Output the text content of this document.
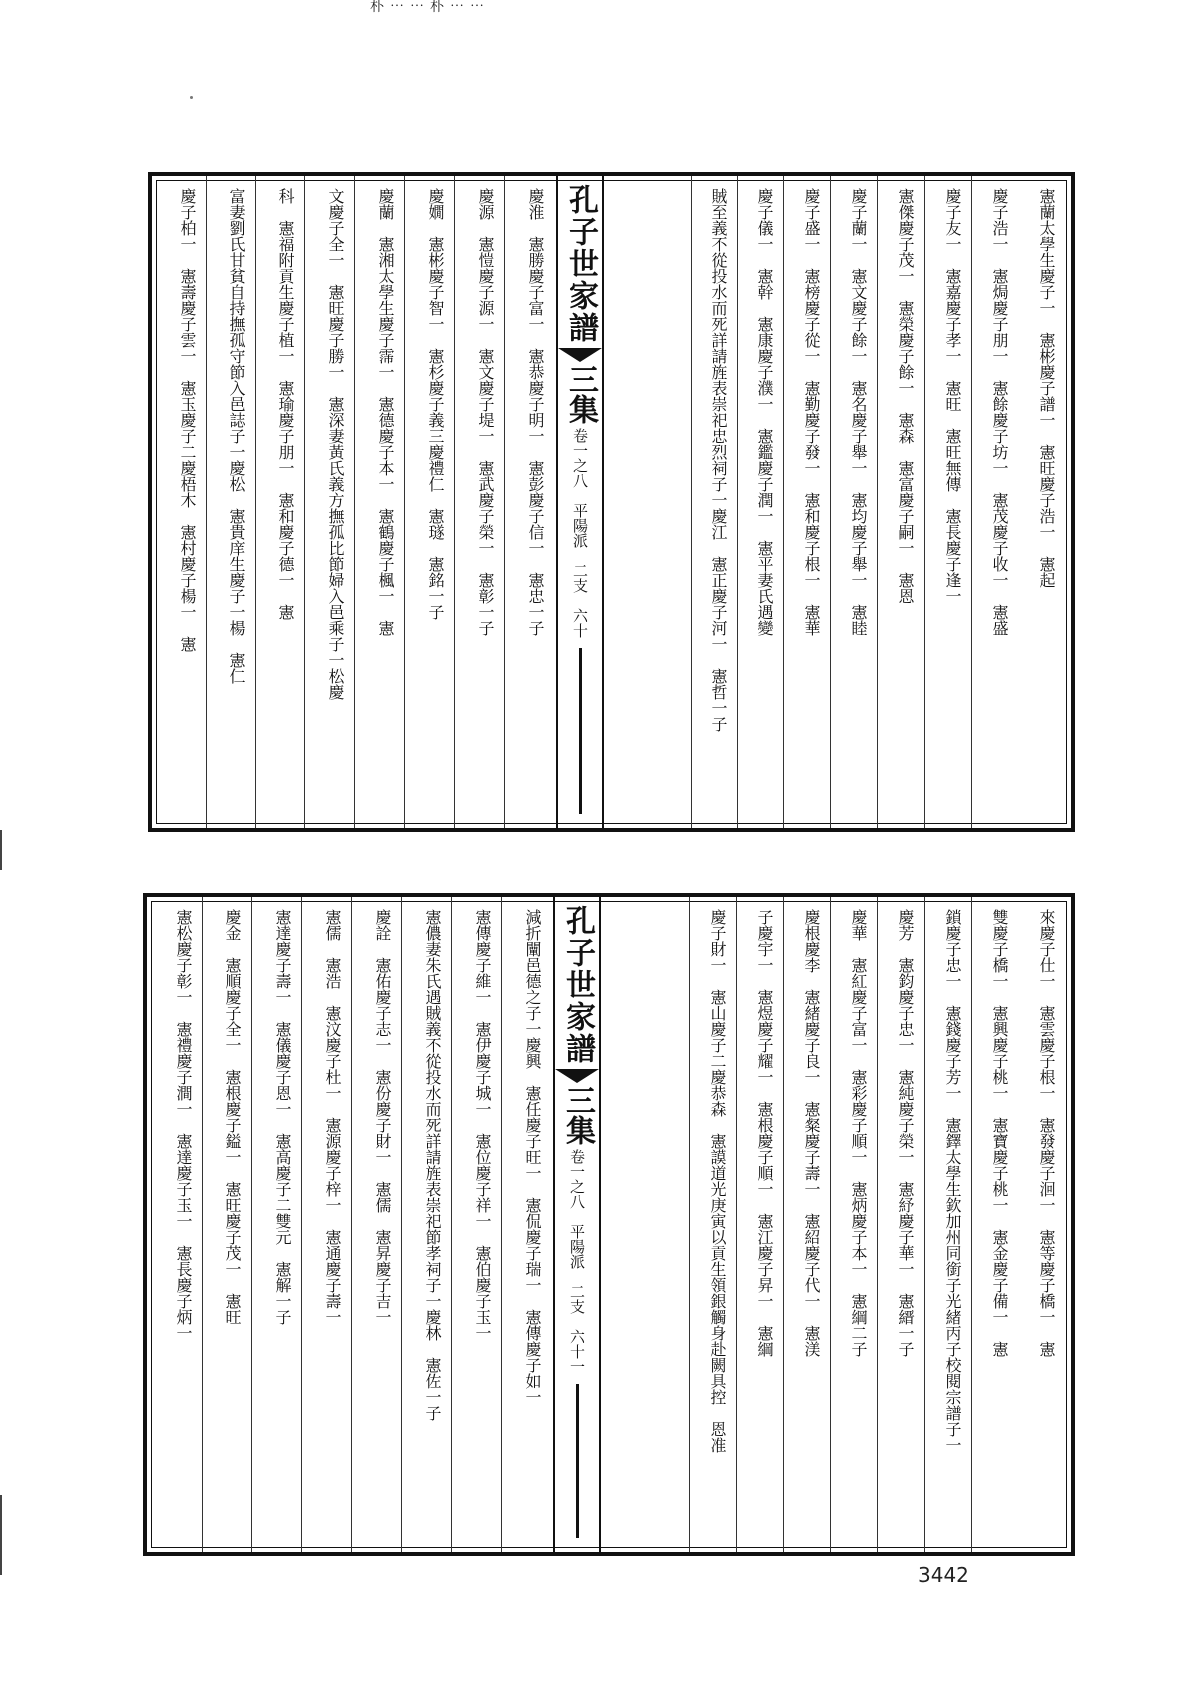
朴⋯⋯朴⋯⋯
憲蘭太學生慶子一　憲彬慶子譜一　憲旺慶子浩一　憲起
慶子浩一　憲焗慶子朋一　憲餘慶子坊一　憲茂慶子收一　憲盛
慶子友一　憲嘉慶子孝一　憲旺　憲旺無傳　憲長慶子逢一
憲傑慶子茂一　憲榮慶子餘一　憲森　憲富慶子嗣一　憲恩
慶子蘭一　憲文慶子餘一　憲名慶子舉一　憲均慶子舉一　憲睦
慶子盛一　憲榜慶子從一　憲勤慶子發一　憲和慶子根一　憲華
慶子儀一　憲幹　憲康慶子濮一　憲鑑慶子潤一　憲平妻氏遇變
賊至義不從投水而死詳請旌表崇祀忠烈祠子一慶江　憲正慶子河一　憲哲一子
孔子世家譜
三集
卷一之八　平陽派　二支　六十
慶淮　憲勝慶子富一　憲恭慶子明一　憲彭慶子信一　憲忠一子
慶源　憲愷慶子源一　憲文慶子堤一　憲武慶子榮一　憲彰一子
慶嫺　憲彬慶子智一　憲杉慶子義三慶禮仁　憲璲　憲銘一子
慶蘭　憲湘太學生慶子霈一　憲德慶子本一　憲鶴慶子楓一　憲
文慶子全一　憲旺慶子勝一　憲深妻黃氏義方撫孤比節婦入邑乘子一松慶
科　憲福附貢生慶子植一　憲瑜慶子朋一　憲和慶子德一　憲
富妻劉氏甘貧自持撫孤守節入邑誌子一慶松　憲貴庠生慶子一楊　憲仁
慶子柏一　憲壽慶子雲一　憲玉慶子二慶梧木　憲村慶子楊一　憲
來慶子仕一　憲雲慶子根一　憲發慶子洄一　憲等慶子橋一　憲
雙慶子橋一　憲興慶子桃一　憲寶慶子桃一　憲金慶子備一　憲
鎖慶子忠一　憲錢慶子芳一　憲鐸太學生欽加州同銜子光緒丙子校閱宗譜子一　
慶芳　憲鈞慶子忠一　憲純慶子榮一　憲紓慶子華一　憲縉一子
慶華　憲紅慶子富一　憲彩慶子順一　憲炳慶子本一　憲綱二子
慶根慶李　憲緒慶子良一　憲粲慶子壽一　憲紹慶子代一　憲渼
子慶宇一　憲煜慶子耀一　憲根慶子順一　憲江慶子昇一　憲綱
慶子財一　憲山慶子二慶恭森　憲謨道光庚寅以貢生領銀觸身赴闕具控　恩准
孔子世家譜
三集
卷一之八　平陽派　二支　六十一
減折闡邑德之子一慶興　憲任慶子旺一　憲侃慶子瑞一　憲傳慶子如一
憲傳慶子維一　憲伊慶子城一　憲位慶子祥一　憲伯慶子玉一
憲儂妻朱氏遇賊義不從投水而死詳請旌表崇祀節孝祠子一慶林　憲佐一子
慶詮　憲佑慶子志一　憲份慶子財一　憲儒　憲昇慶子吉一
憲儒　憲浩　憲汶慶子杜一　憲源慶子梓一　憲通慶子壽一
憲達慶子壽一　憲儀慶子恩一　憲高慶子二雙元　憲解一子
慶金　憲順慶子全一　憲根慶子鎰一　憲旺慶子茂一　憲旺
憲松慶子彰一　憲禮慶子澗一　憲達慶子玉一　憲長慶子炳一
3442
